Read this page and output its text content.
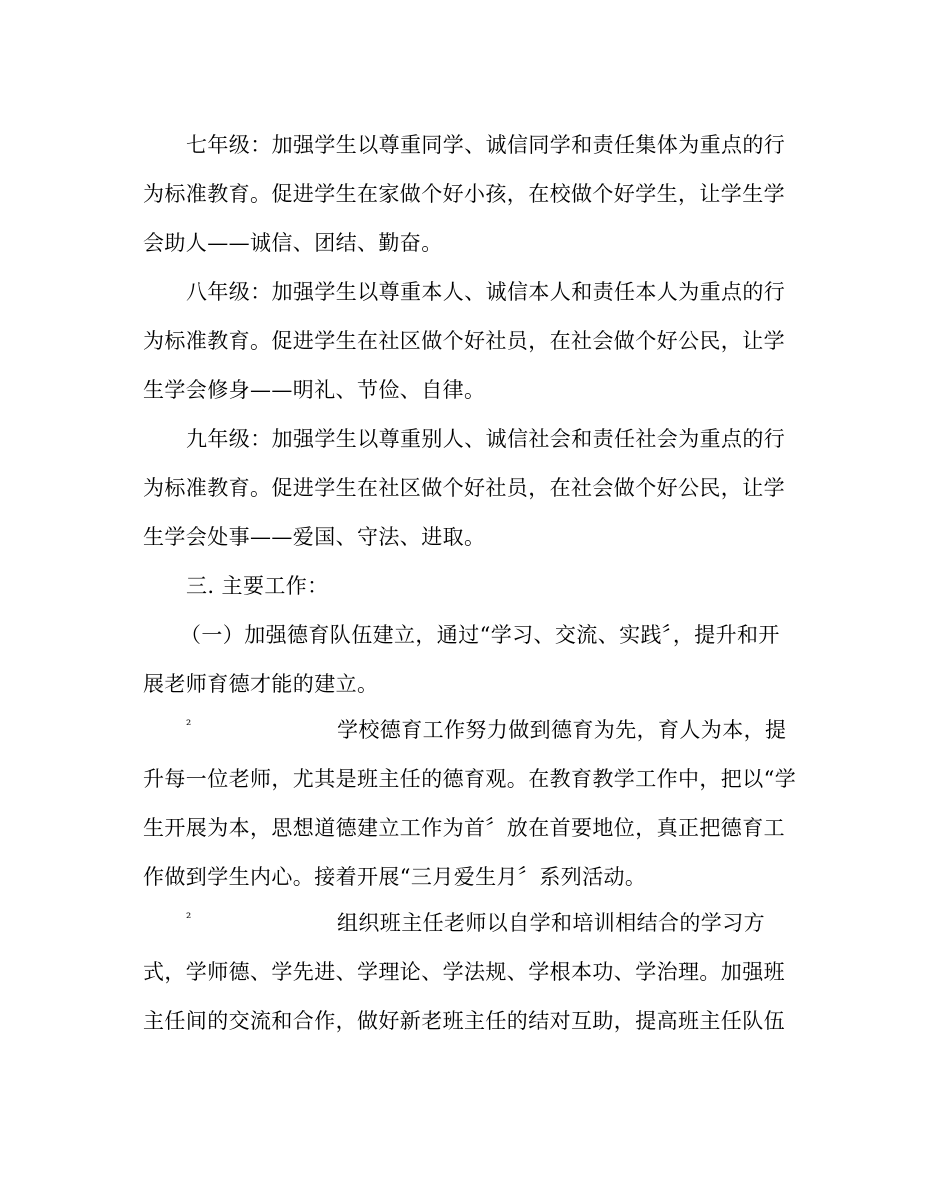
七年级：加强学生以尊重同学、诚信同学和责任集体为重点的行
为标准教育。促进学生在家做个好小孩，在校做个好学生，让学生学
会助人——诚信、团结、勤奋。
八年级：加强学生以尊重本人、诚信本人和责任本人为重点的行
为标准教育。促进学生在社区做个好社员，在社会做个好公民，让学
生学会修身——明礼、节俭、自律。
九年级：加强学生以尊重别人、诚信社会和责任社会为重点的行
为标准教育。促进学生在社区做个好社员，在社会做个好公民，让学
生学会处事——爱国、守法、进取。
三. 主要工作：
（一）加强德育队伍建立，通过“学习、交流、实践〞，提升和开
展老师育德才能的建立。
²	学校德育工作努力做到德育为先，育人为本，提
升每一位老师，尤其是班主任的德育观。在教育教学工作中，把以“学
生开展为本，思想道德建立工作为首〞放在首要地位，真正把德育工
作做到学生内心。接着开展“三月爱生月〞系列活动。
²	组织班主任老师以自学和培训相结合的学习方
式，学师德、学先进、学理论、学法规、学根本功、学治理。加强班
主任间的交流和合作，做好新老班主任的结对互助，提高班主任队伍
